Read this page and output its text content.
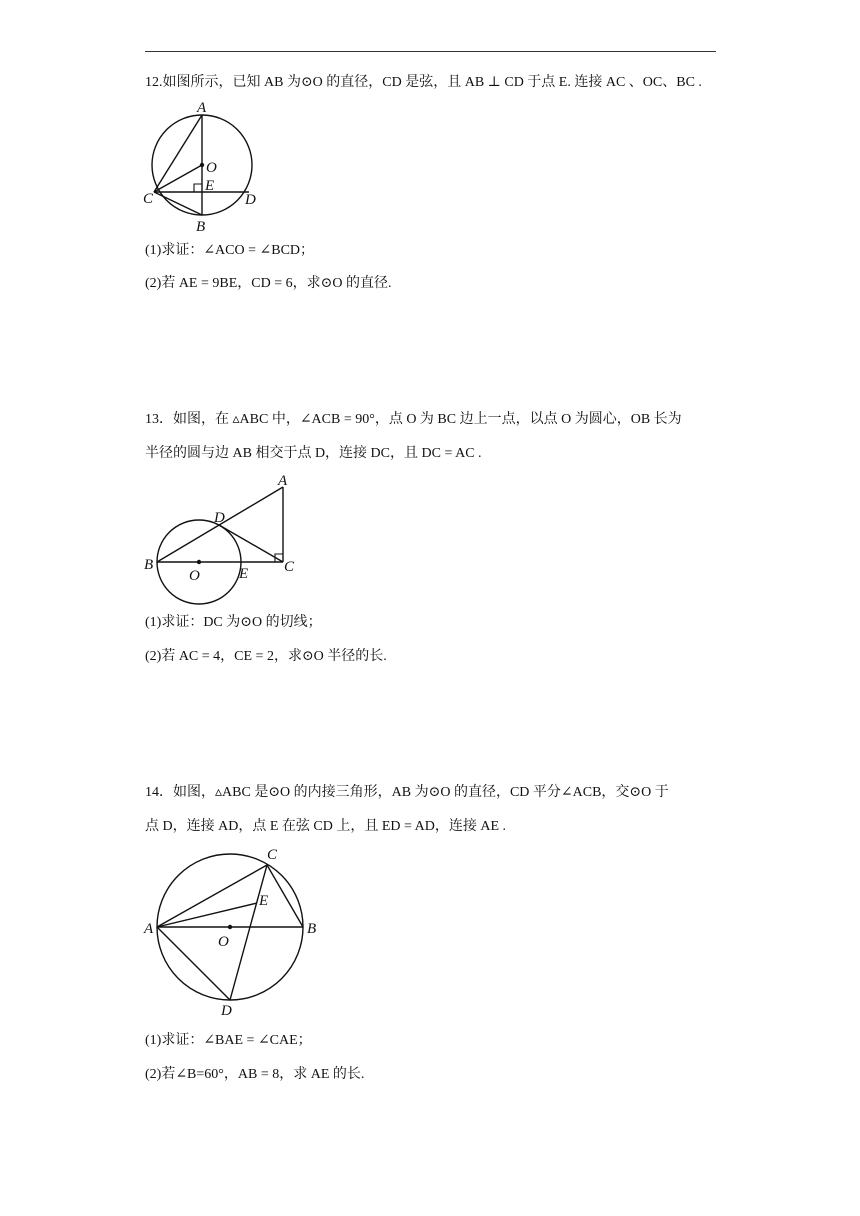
12.如图所示，已知 AB 为⊙O 的直径，CD 是弦，且 AB ⊥ CD 于点 E. 连接 AC 、OC、BC .
A
O
E
C	D
B
(1)求证：∠ACO = ∠BCD；
(2)若 AE = 9BE，CD = 6，求⊙O 的直径.
13．如图，在 ▵ABC 中，∠ACB = 90°，点 O 为 BC 边上一点，以点 O 为圆心，OB 长为
半径的圆与边 AB 相交于点 D，连接 DC，且 DC = AC .
A
D
B
O	E C
(1)求证：DC 为⊙O 的切线；
(2)若 AC = 4，CE = 2，求⊙O 半径的长.
14．如图，▵ABC 是⊙O 的内接三角形，AB 为⊙O 的直径，CD 平分∠ACB，交⊙O 于
点 D，连接 AD，点 E 在弦 CD 上，且 ED = AD，连接 AE .
C
E
A	B
O
D
(1)求证：∠BAE = ∠CAE；
(2)若∠B=60°，AB = 8，求 AE 的长.
